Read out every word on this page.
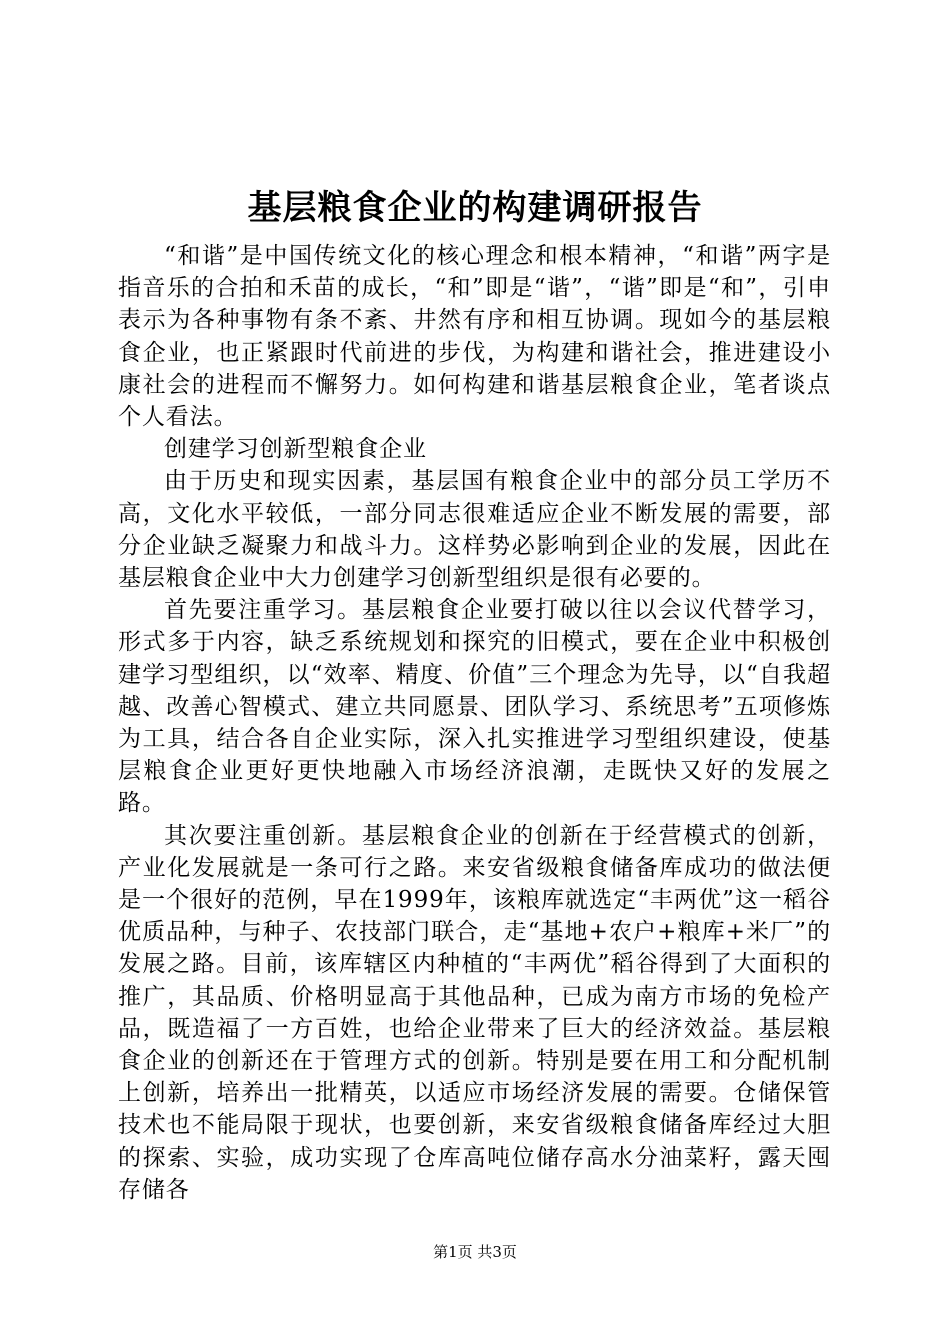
基层粮食企业的构建调研报告

“和谐”是中国传统文化的核心理念和根本精神，“和谐”两字是指音乐的合拍和禾苗的成长，“和”即是“谐”，“谐”即是“和”，引申表示为各种事物有条不紊、井然有序和相互协调。现如今的基层粮食企业，也正紧跟时代前进的步伐，为构建和谐社会，推进建设小康社会的进程而不懈努力。如何构建和谐基层粮食企业，笔者谈点个人看法。

创建学习创新型粮食企业

由于历史和现实因素，基层国有粮食企业中的部分员工学历不高，文化水平较低，一部分同志很难适应企业不断发展的需要，部分企业缺乏凝聚力和战斗力。这样势必影响到企业的发展，因此在基层粮食企业中大力创建学习创新型组织是很有必要的。

首先要注重学习。基层粮食企业要打破以往以会议代替学习，形式多于内容，缺乏系统规划和探究的旧模式，要在企业中积极创建学习型组织，以“效率、精度、价值”三个理念为先导，以“自我超越、改善心智模式、建立共同愿景、团队学习、系统思考”五项修炼为工具，结合各自企业实际，深入扎实推进学习型组织建设，使基层粮食企业更好更快地融入市场经济浪潮，走既快又好的发展之路。

其次要注重创新。基层粮食企业的创新在于经营模式的创新，产业化发展就是一条可行之路。来安省级粮食储备库成功的做法便是一个很好的范例，早在1999年，该粮库就选定“丰两优”这一稻谷优质品种，与种子、农技部门联合，走“基地+农户+粮库+米厂”的发展之路。目前，该库辖区内种植的“丰两优”稻谷得到了大面积的推广，其品质、价格明显高于其他品种，已成为南方市场的免检产品，既造福了一方百姓，也给企业带来了巨大的经济效益。基层粮食企业的创新还在于管理方式的创新。特别是要在用工和分配机制上创新，培养出一批精英，以适应市场经济发展的需要。仓储保管技术也不能局限于现状，也要创新，来安省级粮食储备库经过大胆的探索、实验，成功实现了仓库高吨位储存高水分油菜籽，露天囤存储各

第1页 共3页
